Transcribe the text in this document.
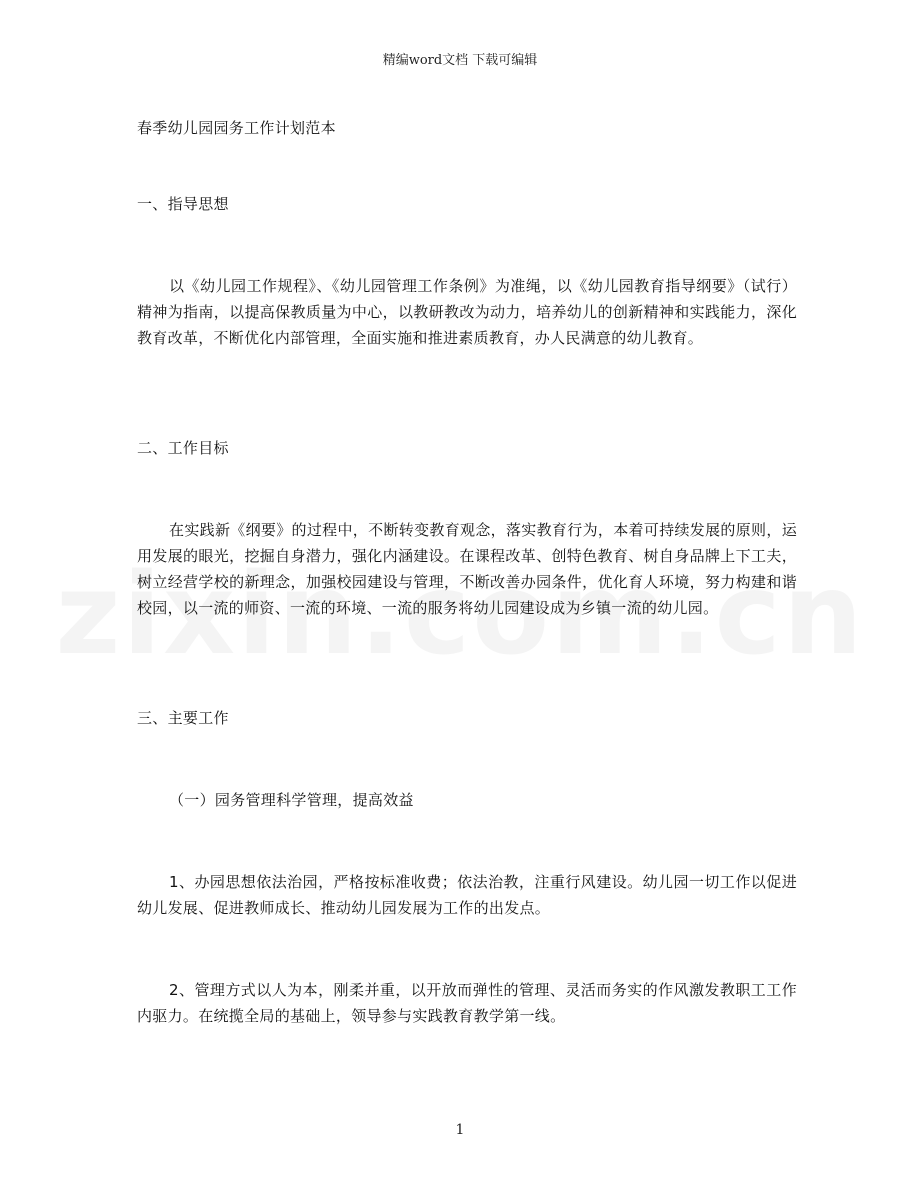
精编word文档 下载可编辑
春季幼儿园园务工作计划范本
一、指导思想
以《幼儿园工作规程》、《幼儿园管理工作条例》为准绳，以《幼儿园教育指导纲要》（试行）精神为指南，以提高保教质量为中心，以教研教改为动力，培养幼儿的创新精神和实践能力，深化教育改革，不断优化内部管理，全面实施和推进素质教育，办人民满意的幼儿教育。
二、工作目标
在实践新《纲要》的过程中，不断转变教育观念，落实教育行为，本着可持续发展的原则，运用发展的眼光，挖掘自身潜力，强化内涵建设。在课程改革、创特色教育、树自身品牌上下工夫，树立经营学校的新理念，加强校园建设与管理，不断改善办园条件，优化育人环境，努力构建和谐校园，以一流的师资、一流的环境、一流的服务将幼儿园建设成为乡镇一流的幼儿园。
三、主要工作
（一）园务管理科学管理，提高效益
1、办园思想依法治园，严格按标准收费；依法治教，注重行风建设。幼儿园一切工作以促进幼儿发展、促进教师成长、推动幼儿园发展为工作的出发点。
2、管理方式以人为本，刚柔并重，以开放而弹性的管理、灵活而务实的作风激发教职工工作内驱力。在统揽全局的基础上，领导参与实践教育教学第一线。
1
